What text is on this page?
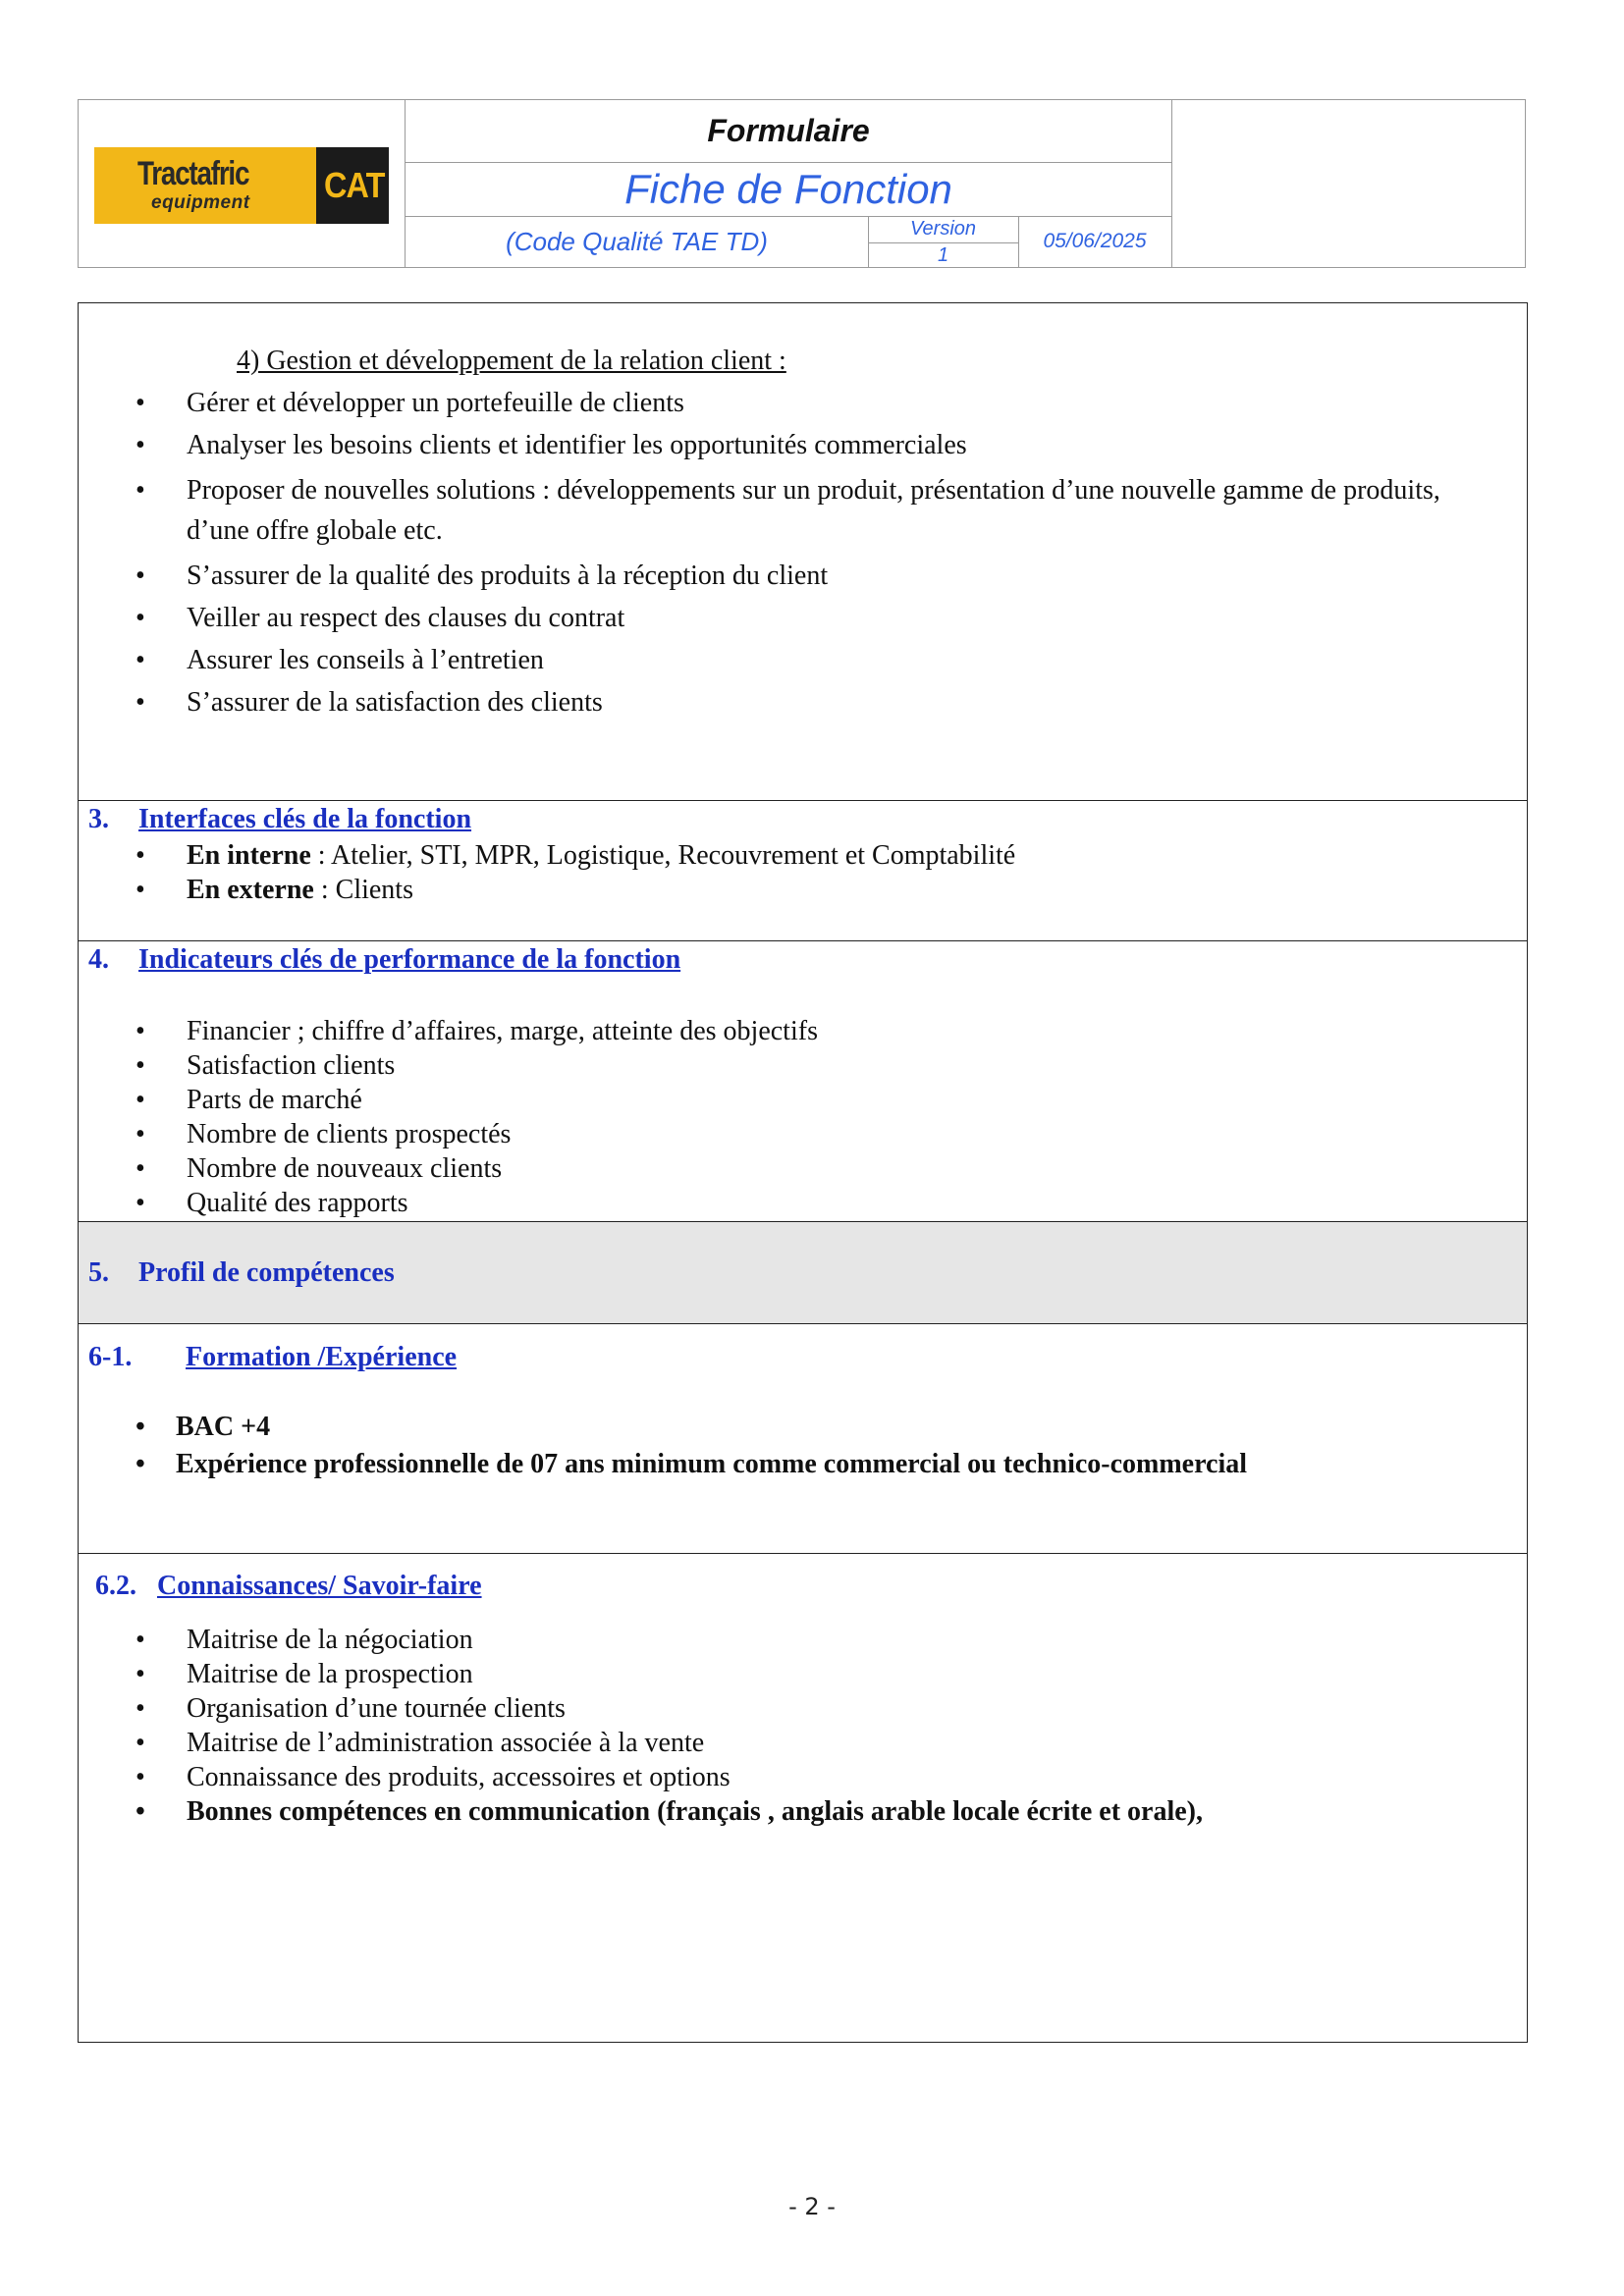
Tractafric
equipment CAT
Formulaire
Fiche de Fonction
(Code Qualité TAE TD)	Version
1
05/06/2025
4) Gestion et développement de la relation client :
• Gérer et développer un portefeuille de clients
• Analyser les besoins clients et identifier les opportunités commerciales
• Proposer de nouvelles solutions : développements sur un produit, présentation d’une nouvelle gamme de produits, d’une offre globale etc.
• S’assurer de la qualité des produits à la réception du client
• Veiller au respect des clauses du contrat
• Assurer les conseils à l’entretien
• S’assurer de la satisfaction des clients
3. Interfaces clés de la fonction
• En interne : Atelier, STI, MPR, Logistique, Recouvrement et Comptabilité
• En externe : Clients
4. Indicateurs clés de performance de la fonction
• Financier ; chiffre d’affaires, marge, atteinte des objectifs
• Satisfaction clients
• Parts de marché
• Nombre de clients prospectés
• Nombre de nouveaux clients
• Qualité des rapports
5. Profil de compétences
6-1. Formation /Expérience
• BAC +4
• Expérience professionnelle de 07 ans minimum comme commercial ou technico-commercial
6.2. Connaissances/ Savoir-faire
• Maitrise de la négociation
• Maitrise de la prospection
• Organisation d’une tournée clients
• Maitrise de l’administration associée à la vente
• Connaissance des produits, accessoires et options
• Bonnes compétences en communication (français , anglais arable locale écrite et orale),
- 2 -
